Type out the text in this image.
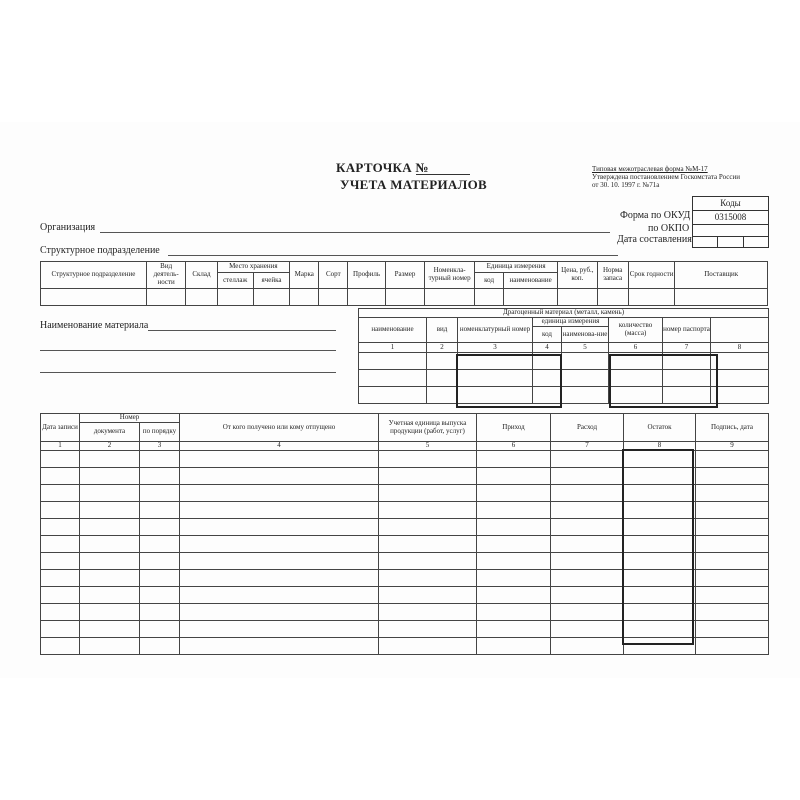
КАРТОЧКА №
УЧЕТА МАТЕРИАЛОВ
Типовая межотраслевая форма №М-17
Утверждена постановлением Госкомстата России
от 30. 10. 1997 г. №71а
Коды
0315008
Форма по ОКУД
по ОКПО
Дата составления
Организация
Структурное подразделение
Структурное подразделение	Вид деятель-ности	Склад	Место хранения		Марка	Сорт	Профиль	Размер	Номенкла-турный номер	Единица измерения		Цена, руб., коп.	Норма запаса	Срок годности	Поставщик
			стеллаж	ячейка						код	наименование				

Наименование материала
Драгоценный материал (металл, камень)							
наименование	вид	номенклатурный номер	единица измерения		количество (масса)	номер паспорта	
			код	наименова-ние			
1	2	3	4	5	6	7	8

Дата записи	Номер		От кого получено или кому отпущено	Учетная единица выпуска продукции (работ, услуг)	Приход	Расход	Остаток	Подпись, дата
	документа	по порядку						
1	2	3	4	5	6	7	8	9
